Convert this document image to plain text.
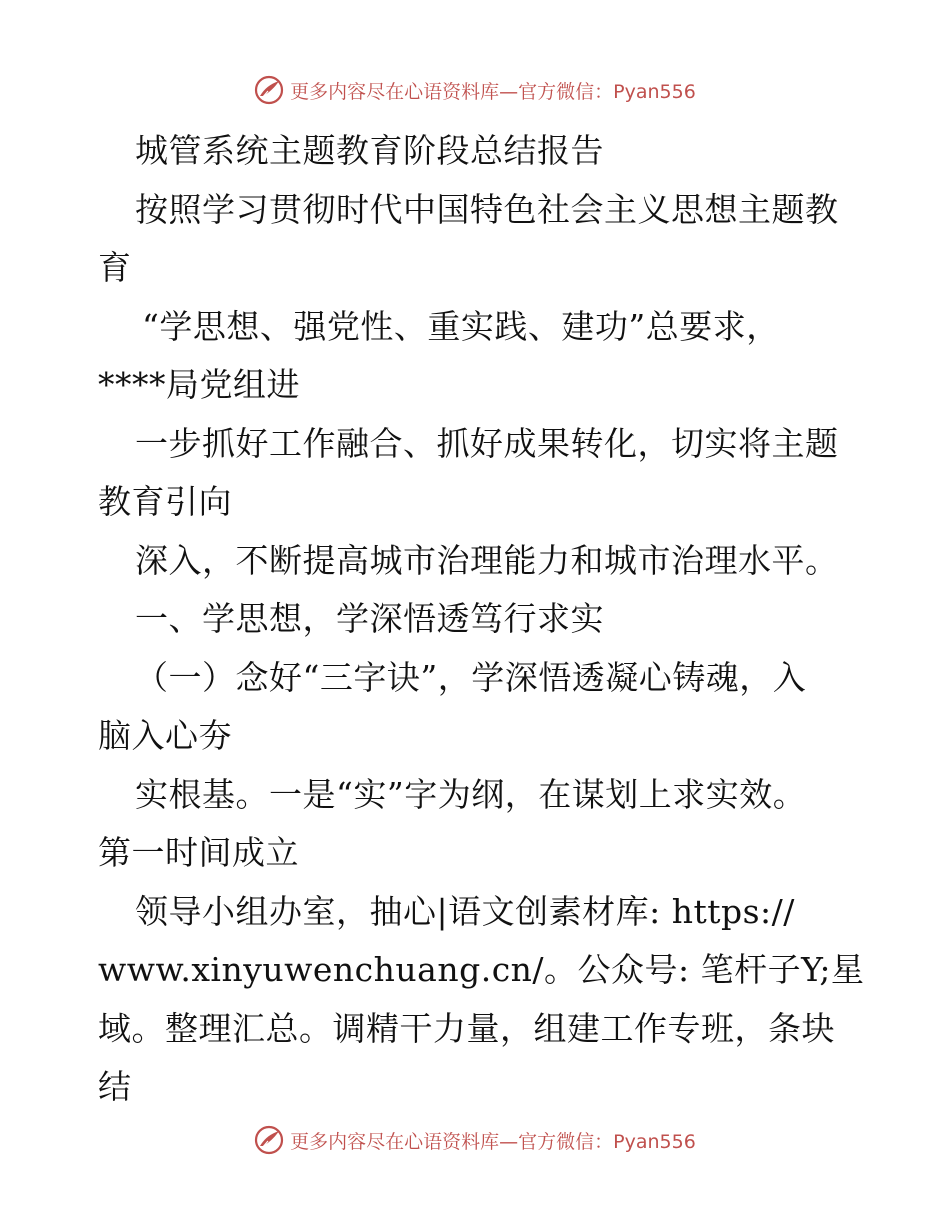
更多内容尽在心语资料库—官方微信：Pyan556
城管系统主题教育阶段总结报告
按照学习贯彻时代中国特色社会主义思想主题教
育
“学思想、强党性、重实践、建功”总要求，
****局党组进
一步抓好工作融合、抓好成果转化，切实将主题
教育引向
深入，不断提高城市治理能力和城市治理水平。
一、学思想，学深悟透笃行求实
（一）念好“三字诀”，学深悟透凝心铸魂，入
脑入心夯
实根基。一是“实”字为纲，在谋划上求实效。
第一时间成立
领导小组办室，抽心|语文创素材库: https://
www.xinyuwenchuang.cn/。公众号: 笔杆子Y;星
域。整理汇总。调精干力量，组建工作专班，条块
结
更多内容尽在心语资料库—官方微信：Pyan556
